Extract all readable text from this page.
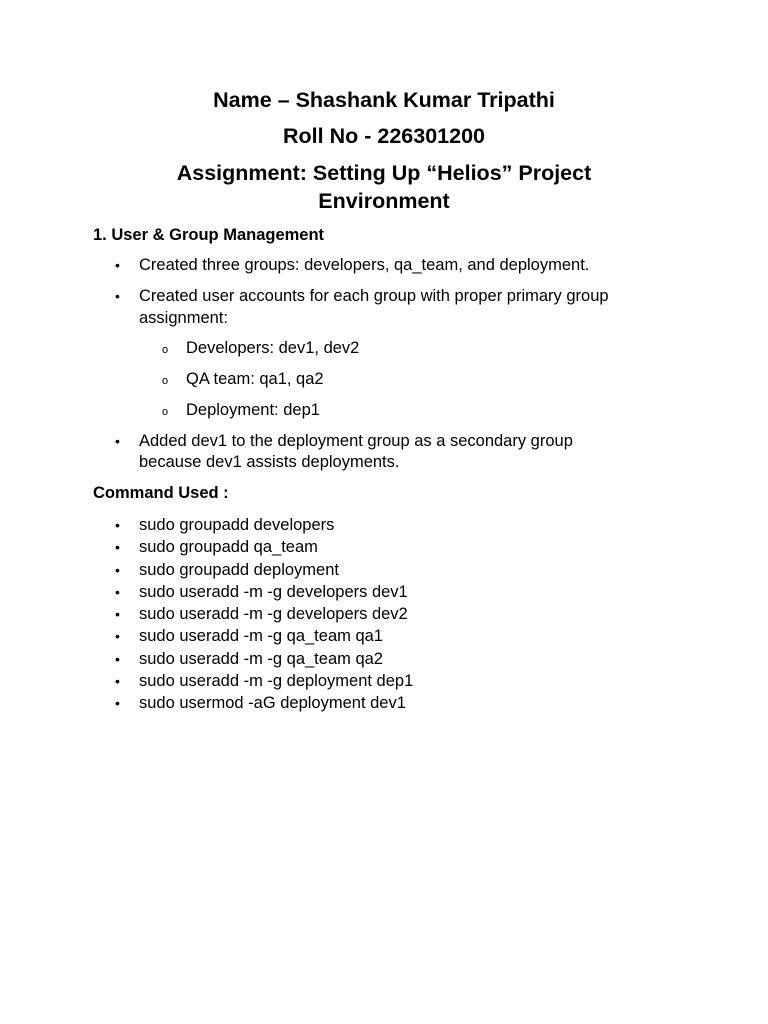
Name – Shashank Kumar Tripathi
Roll No - 226301200
Assignment: Setting Up “Helios” Project
Environment
1. User & Group Management
• Created three groups: developers, qa_team, and deployment.
• Created user accounts for each group with proper primary group
assignment:
o Developers: dev1, dev2
o QA team: qa1, qa2
o Deployment: dep1
• Added dev1 to the deployment group as a secondary group
because dev1 assists deployments.
Command Used :
• sudo groupadd developers
• sudo groupadd qa_team
• sudo groupadd deployment
• sudo useradd -m -g developers dev1
• sudo useradd -m -g developers dev2
• sudo useradd -m -g qa_team qa1
• sudo useradd -m -g qa_team qa2
• sudo useradd -m -g deployment dep1
• sudo usermod -aG deployment dev1
